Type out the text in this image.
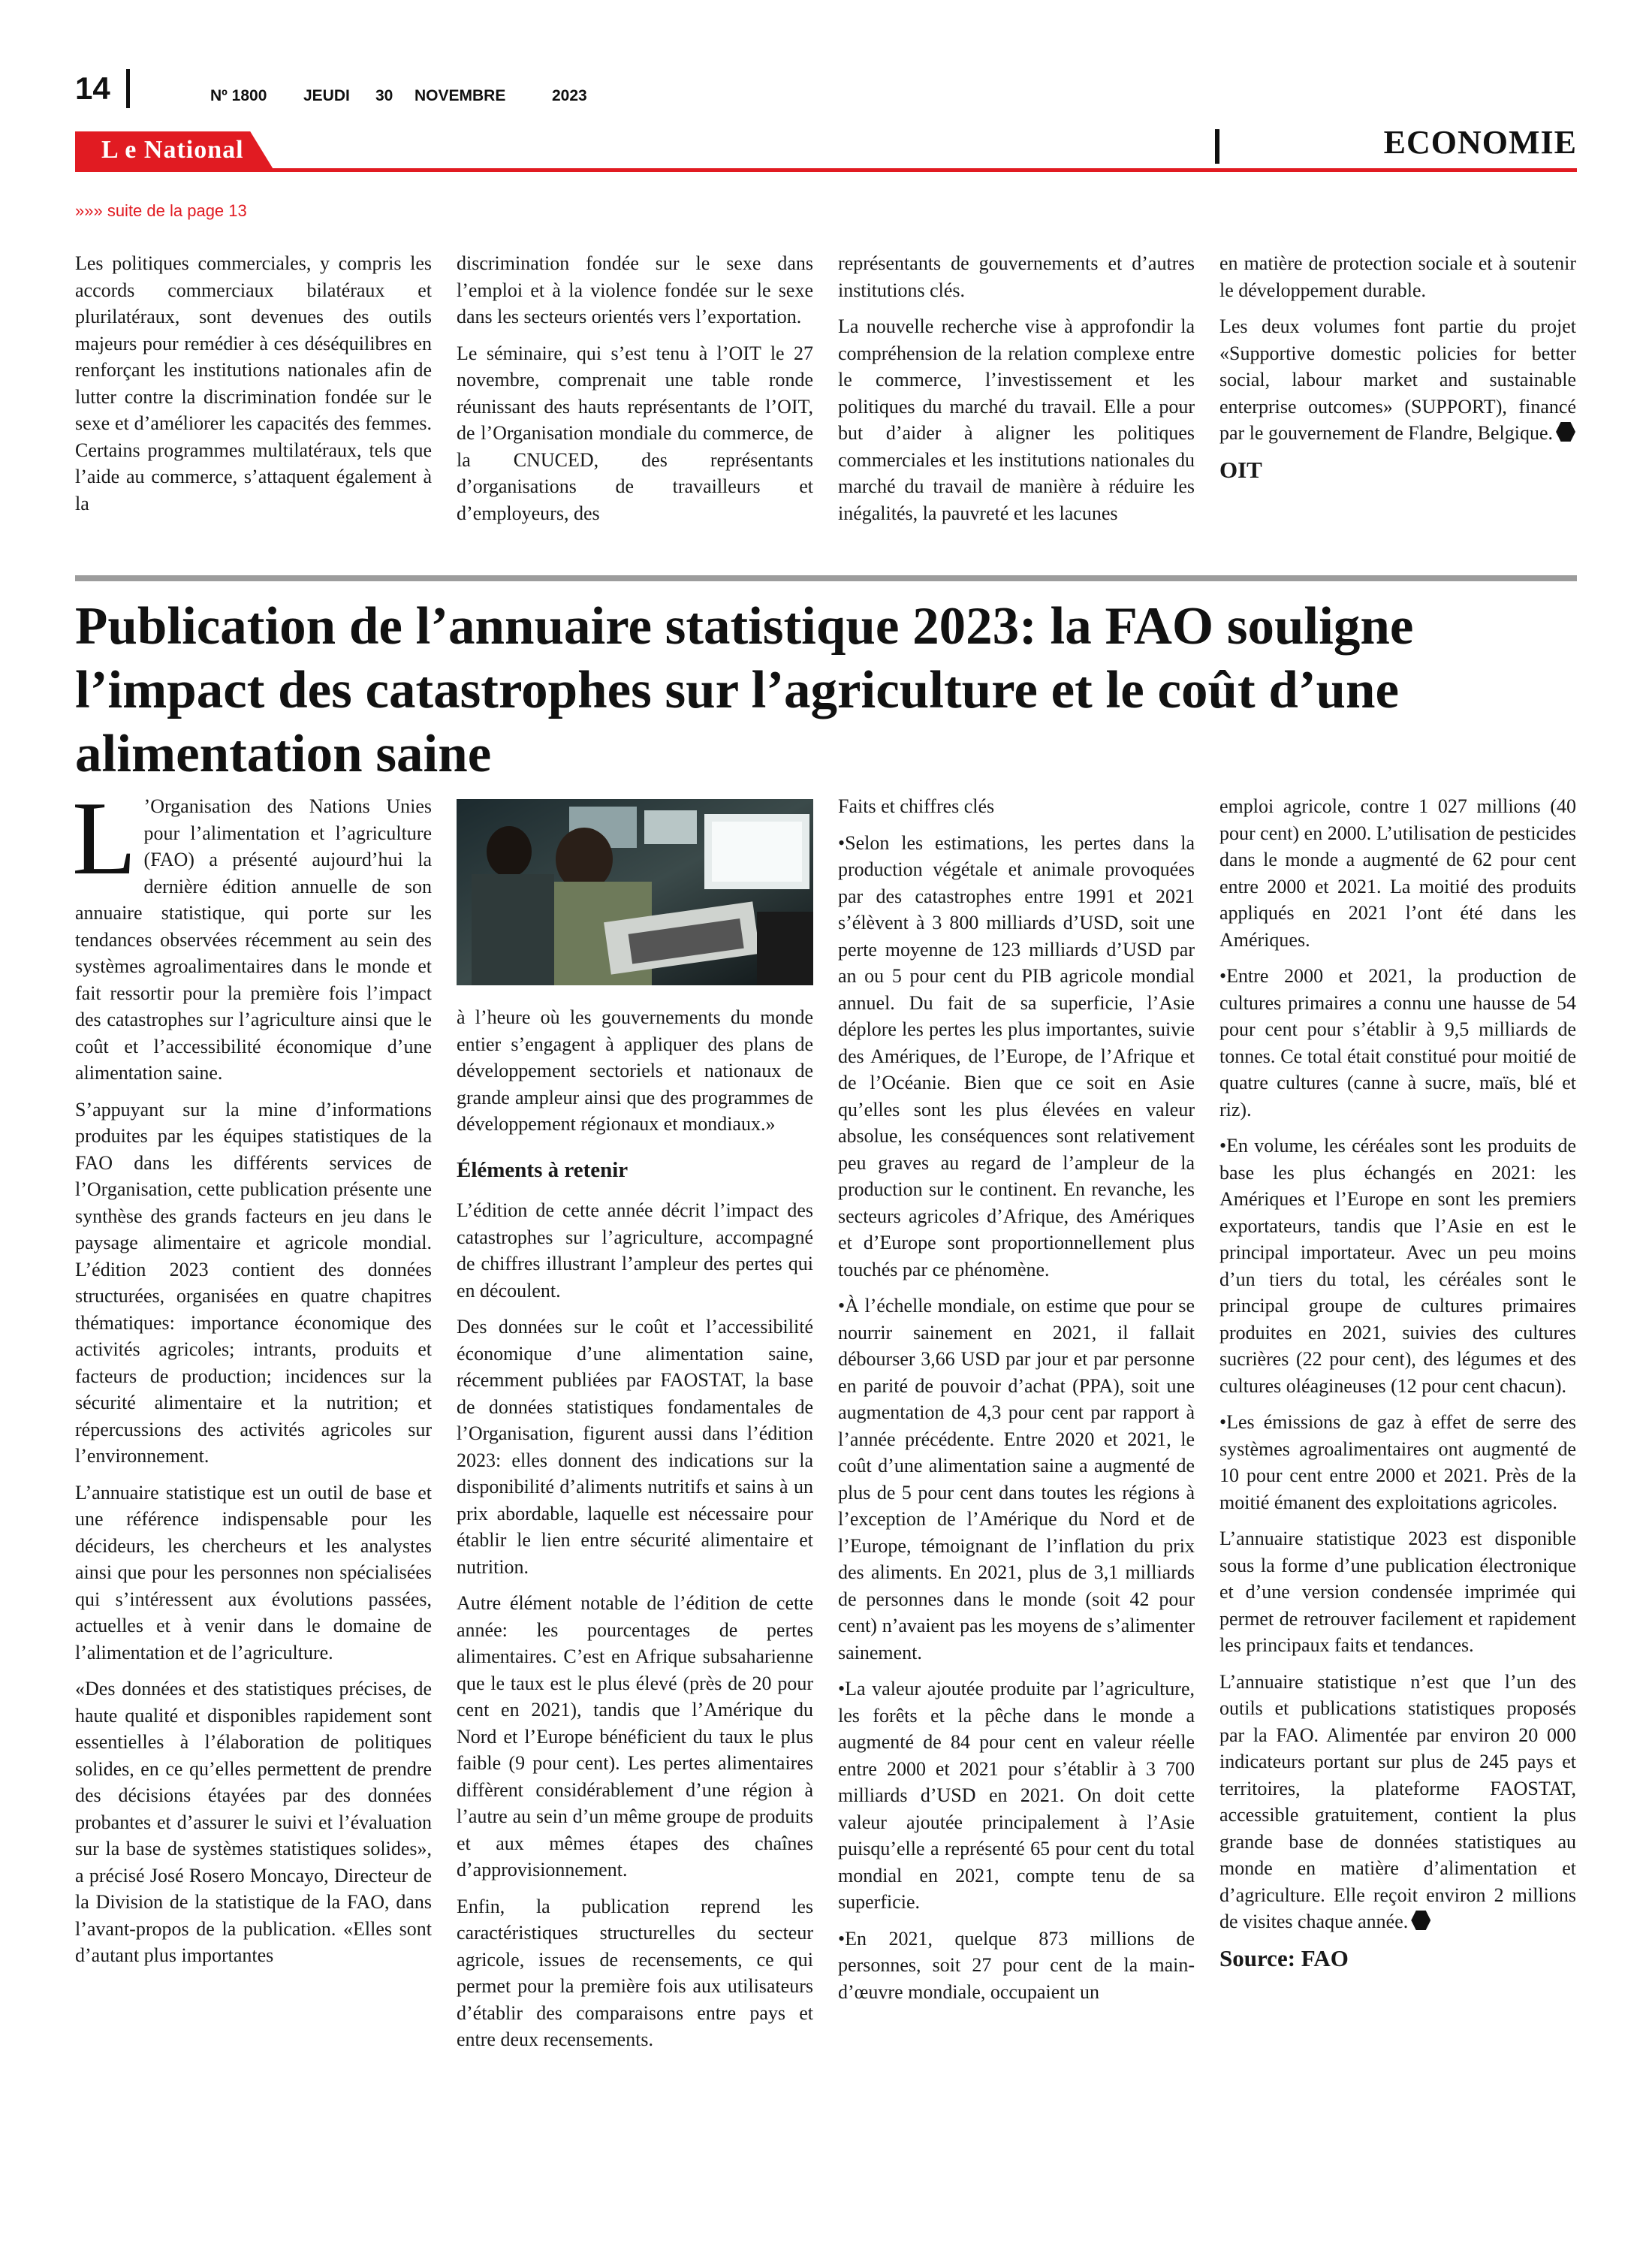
14	Nº 1800 JEUDI 30 NOVEMBRE	2023
L e National	ECONOMIE
»»» suite de la page 13

Les politiques commerciales, y compris les accords commerciaux bilatéraux et plurilatéraux, sont devenues des outils majeurs pour remédier à ces déséquilibres en renforçant les institutions nationales afin de lutter contre la discrimination fondée sur le sexe et d’améliorer les capacités des femmes. Certains programmes multilatéraux, tels que l’aide au commerce, s’attaquent également à la

discrimination fondée sur le sexe dans l’emploi et à la violence fondée sur le sexe dans les secteurs orientés vers l’exportation.

Le séminaire, qui s’est tenu à l’OIT le 27 novembre, comprenait une table ronde réunissant des hauts représentants de l’OIT, de l’Organisation mondiale du commerce, de la CNUCED, des représentants d’organisations de travailleurs et d’employeurs, des

représentants de gouvernements et d’autres institutions clés.

La nouvelle recherche vise à approfondir la compréhension de la relation complexe entre le commerce, l’investissement et les politiques du marché du travail. Elle a pour but d’aider à aligner les politiques commerciales et les institutions nationales du marché du travail de manière à réduire les inégalités, la pauvreté et les lacunes

en matière de protection sociale et à soutenir le développement durable.

Les deux volumes font partie du projet «Supportive domestic policies for better social, labour market and sustainable enterprise outcomes» (SUPPORT), financé par le gouvernement de Flandre, Belgique.

OIT

Publication de l’annuaire statistique 2023: la FAO souligne l’impact des catastrophes sur l’agriculture et le coût d’une alimentation saine

L ’Organisation des Nations Unies pour l’alimentation et l’agriculture (FAO) a présenté aujourd’hui la dernière édition annuelle de son annuaire statistique, qui porte sur les tendances observées récemment au sein des systèmes agroalimentaires dans le monde et fait ressortir pour la première fois l’impact des catastrophes sur l’agriculture ainsi que le coût et l’accessibilité économique d’une alimentation saine.

S’appuyant sur la mine d’informations produites par les équipes statistiques de la FAO dans les différents services de l’Organisation, cette publication présente une synthèse des grands facteurs en jeu dans le paysage alimentaire et agricole mondial. L’édition 2023 contient des données structurées, organisées en quatre chapitres thématiques: importance économique des activités agricoles; intrants, produits et facteurs de production; incidences sur la sécurité alimentaire et la nutrition; et répercussions des activités agricoles sur l’environnement.

L’annuaire statistique est un outil de base et une référence indispensable pour les décideurs, les chercheurs et les analystes ainsi que pour les personnes non spécialisées qui s’intéressent aux évolutions passées, actuelles et à venir dans le domaine de l’alimentation et de l’agriculture.

«Des données et des statistiques précises, de haute qualité et disponibles rapidement sont essentielles à l’élaboration de politiques solides, en ce qu’elles permettent de prendre des décisions étayées par des données probantes et d’assurer le suivi et l’évaluation sur la base de systèmes statistiques solides», a précisé José Rosero Moncayo, Directeur de la Division de la statistique de la FAO, dans l’avant-propos de la publication. «Elles sont d’autant plus importantes

à l’heure où les gouvernements du monde entier s’engagent à appliquer des plans de développement sectoriels et nationaux de grande ampleur ainsi que des programmes de développement régionaux et mondiaux.»

Éléments à retenir

L’édition de cette année décrit l’impact des catastrophes sur l’agriculture, accompagné de chiffres illustrant l’ampleur des pertes qui en découlent.

Des données sur le coût et l’accessibilité économique d’une alimentation saine, récemment publiées par FAOSTAT, la base de données statistiques fondamentales de l’Organisation, figurent aussi dans l’édition 2023: elles donnent des indications sur la disponibilité d’aliments nutritifs et sains à un prix abordable, laquelle est nécessaire pour établir le lien entre sécurité alimentaire et nutrition.

Autre élément notable de l’édition de cette année: les pourcentages de pertes alimentaires. C’est en Afrique subsaharienne que le taux est le plus élevé (près de 20 pour cent en 2021), tandis que l’Amérique du Nord et l’Europe bénéficient du taux le plus faible (9 pour cent). Les pertes alimentaires diffèrent considérablement d’une région à l’autre au sein d’un même groupe de produits et aux mêmes étapes des chaînes d’approvisionnement.

Enfin, la publication reprend les caractéristiques structurelles du secteur agricole, issues de recensements, ce qui permet pour la première fois aux utilisateurs d’établir des comparaisons entre pays et entre deux recensements.

Faits et chiffres clés

•Selon les estimations, les pertes dans la production végétale et animale provoquées par des catastrophes entre 1991 et 2021 s’élèvent à 3 800 milliards d’USD, soit une perte moyenne de 123 milliards d’USD par an ou 5 pour cent du PIB agricole mondial annuel. Du fait de sa superficie, l’Asie déplore les pertes les plus importantes, suivie des Amériques, de l’Europe, de l’Afrique et de l’Océanie. Bien que ce soit en Asie qu’elles sont les plus élevées en valeur absolue, les conséquences sont relativement peu graves au regard de l’ampleur de la production sur le continent. En revanche, les secteurs agricoles d’Afrique, des Amériques et d’Europe sont proportionnellement plus touchés par ce phénomène.

•À l’échelle mondiale, on estime que pour se nourrir sainement en 2021, il fallait débourser 3,66 USD par jour et par personne en parité de pouvoir d’achat (PPA), soit une augmentation de 4,3 pour cent par rapport à l’année précédente. Entre 2020 et 2021, le coût d’une alimentation saine a augmenté de plus de 5 pour cent dans toutes les régions à l’exception de l’Amérique du Nord et de l’Europe, témoignant de l’inflation du prix des aliments. En 2021, plus de 3,1 milliards de personnes dans le monde (soit 42 pour cent) n’avaient pas les moyens de s’alimenter sainement.

•La valeur ajoutée produite par l’agriculture, les forêts et la pêche dans le monde a augmenté de 84 pour cent en valeur réelle entre 2000 et 2021 pour s’établir à 3 700 milliards d’USD en 2021. On doit cette valeur ajoutée principalement à l’Asie puisqu’elle a représenté 65 pour cent du total mondial en 2021, compte tenu de sa superficie.

•En 2021, quelque 873 millions de personnes, soit 27 pour cent de la main-d’œuvre mondiale, occupaient un

emploi agricole, contre 1 027 millions (40 pour cent) en 2000. L’utilisation de pesticides dans le monde a augmenté de 62 pour cent entre 2000 et 2021. La moitié des produits appliqués en 2021 l’ont été dans les Amériques.

•Entre 2000 et 2021, la production de cultures primaires a connu une hausse de 54 pour cent pour s’établir à 9,5 milliards de tonnes. Ce total était constitué pour moitié de quatre cultures (canne à sucre, maïs, blé et riz).

•En volume, les céréales sont les produits de base les plus échangés en 2021: les Amériques et l’Europe en sont les premiers exportateurs, tandis que l’Asie en est le principal importateur. Avec un peu moins d’un tiers du total, les céréales sont le principal groupe de cultures primaires produites en 2021, suivies des cultures sucrières (22 pour cent), des légumes et des cultures oléagineuses (12 pour cent chacun).

•Les émissions de gaz à effet de serre des systèmes agroalimentaires ont augmenté de 10 pour cent entre 2000 et 2021. Près de la moitié émanent des exploitations agricoles.

L’annuaire statistique 2023 est disponible sous la forme d’une publication électronique et d’une version condensée imprimée qui permet de retrouver facilement et rapidement les principaux faits et tendances.

L’annuaire statistique n’est que l’un des outils et publications statistiques proposés par la FAO. Alimentée par environ 20 000 indicateurs portant sur plus de 245 pays et territoires, la plateforme FAOSTAT, accessible gratuitement, contient la plus grande base de données statistiques au monde en matière d’alimentation et d’agriculture. Elle reçoit environ 2 millions de visites chaque année.

Source: FAO
